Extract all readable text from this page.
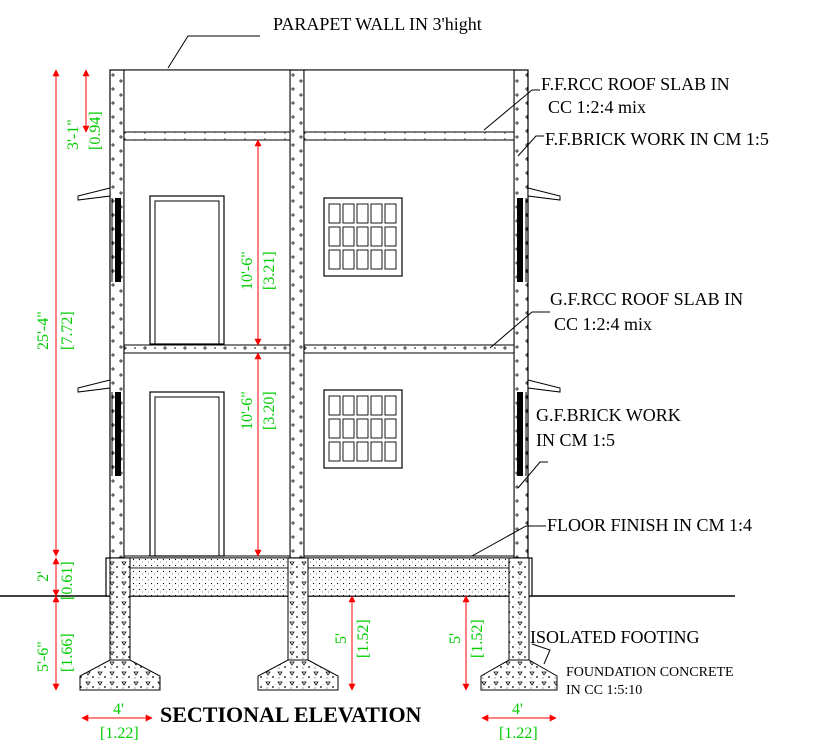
PARAPET WALL IN 3'hight
F.F.RCC ROOF SLAB IN
CC 1:2:4 mix
F.F.BRICK WORK IN CM 1:5
G.F.RCC ROOF SLAB IN
CC 1:2:4 mix
G.F.BRICK WORK
IN CM 1:5
FLOOR FINISH IN CM 1:4
ISOLATED FOOTING
FOUNDATION CONCRETE
IN CC 1:5:10
SECTIONAL ELEVATION
3'-1" [0.94]
25'-4" [7.72]
10'-6" [3.21]
10'-6" [3.20]
2' [0.61]
5'-6" [1.66]	5' [1.52]	5' [1.52]
4'
[1.22]
4'
[1.22]
